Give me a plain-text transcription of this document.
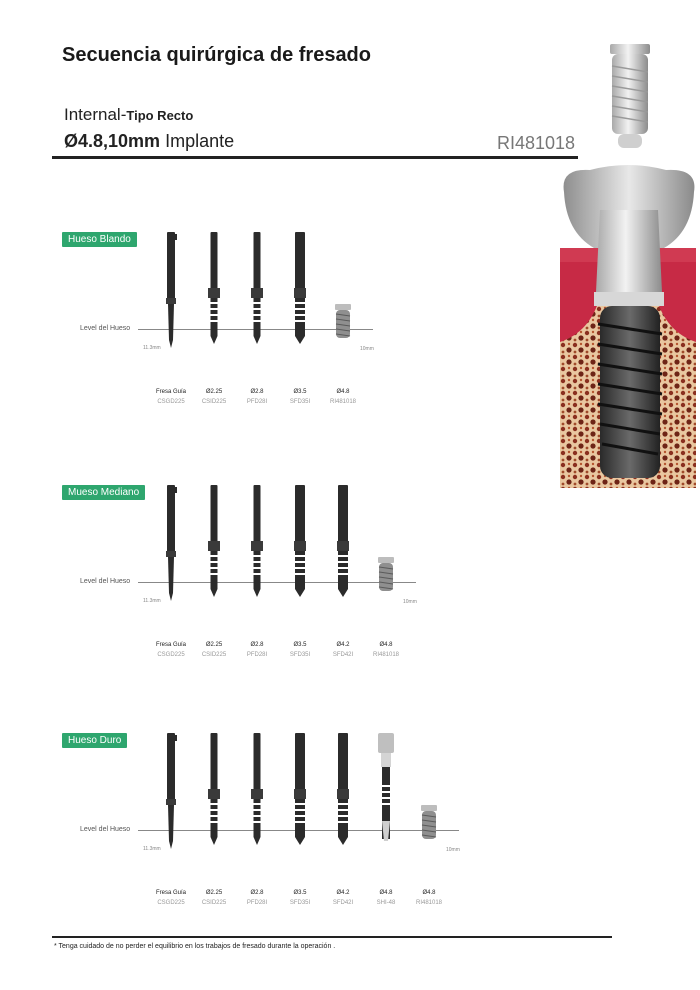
Secuencia quirúrgica de fresado
Internal-Tipo Recto
Ø4.8,10mm Implante	RI481018
Hueso Blando
Level del Hueso
11.3mm	10mm
Fresa Guía
CSGD225
Ø2.25
CSID225
Ø2.8
PFD28I
Ø3.5
SFD35I
Ø4.8
RI481018
Mueso Mediano
Level del Hueso
11.3mm	10mm
Fresa Guía
CSGD225
Ø2.25
CSID225
Ø2.8
PFD28I
Ø3.5
SFD35I
Ø4.2
SFD42I
Ø4.8
RI481018
Hueso Duro
Level del Hueso
11.3mm	10mm
Fresa Guía
CSGD225
Ø2.25
CSID225
Ø2.8
PFD28I
Ø3.5
SFD35I
Ø4.2
SFD42I
Ø4.8
SHI-48
Ø4.8
RI481018
* Tenga cuidado de no perder el equilibrio en los trabajos de fresado durante la operación .
